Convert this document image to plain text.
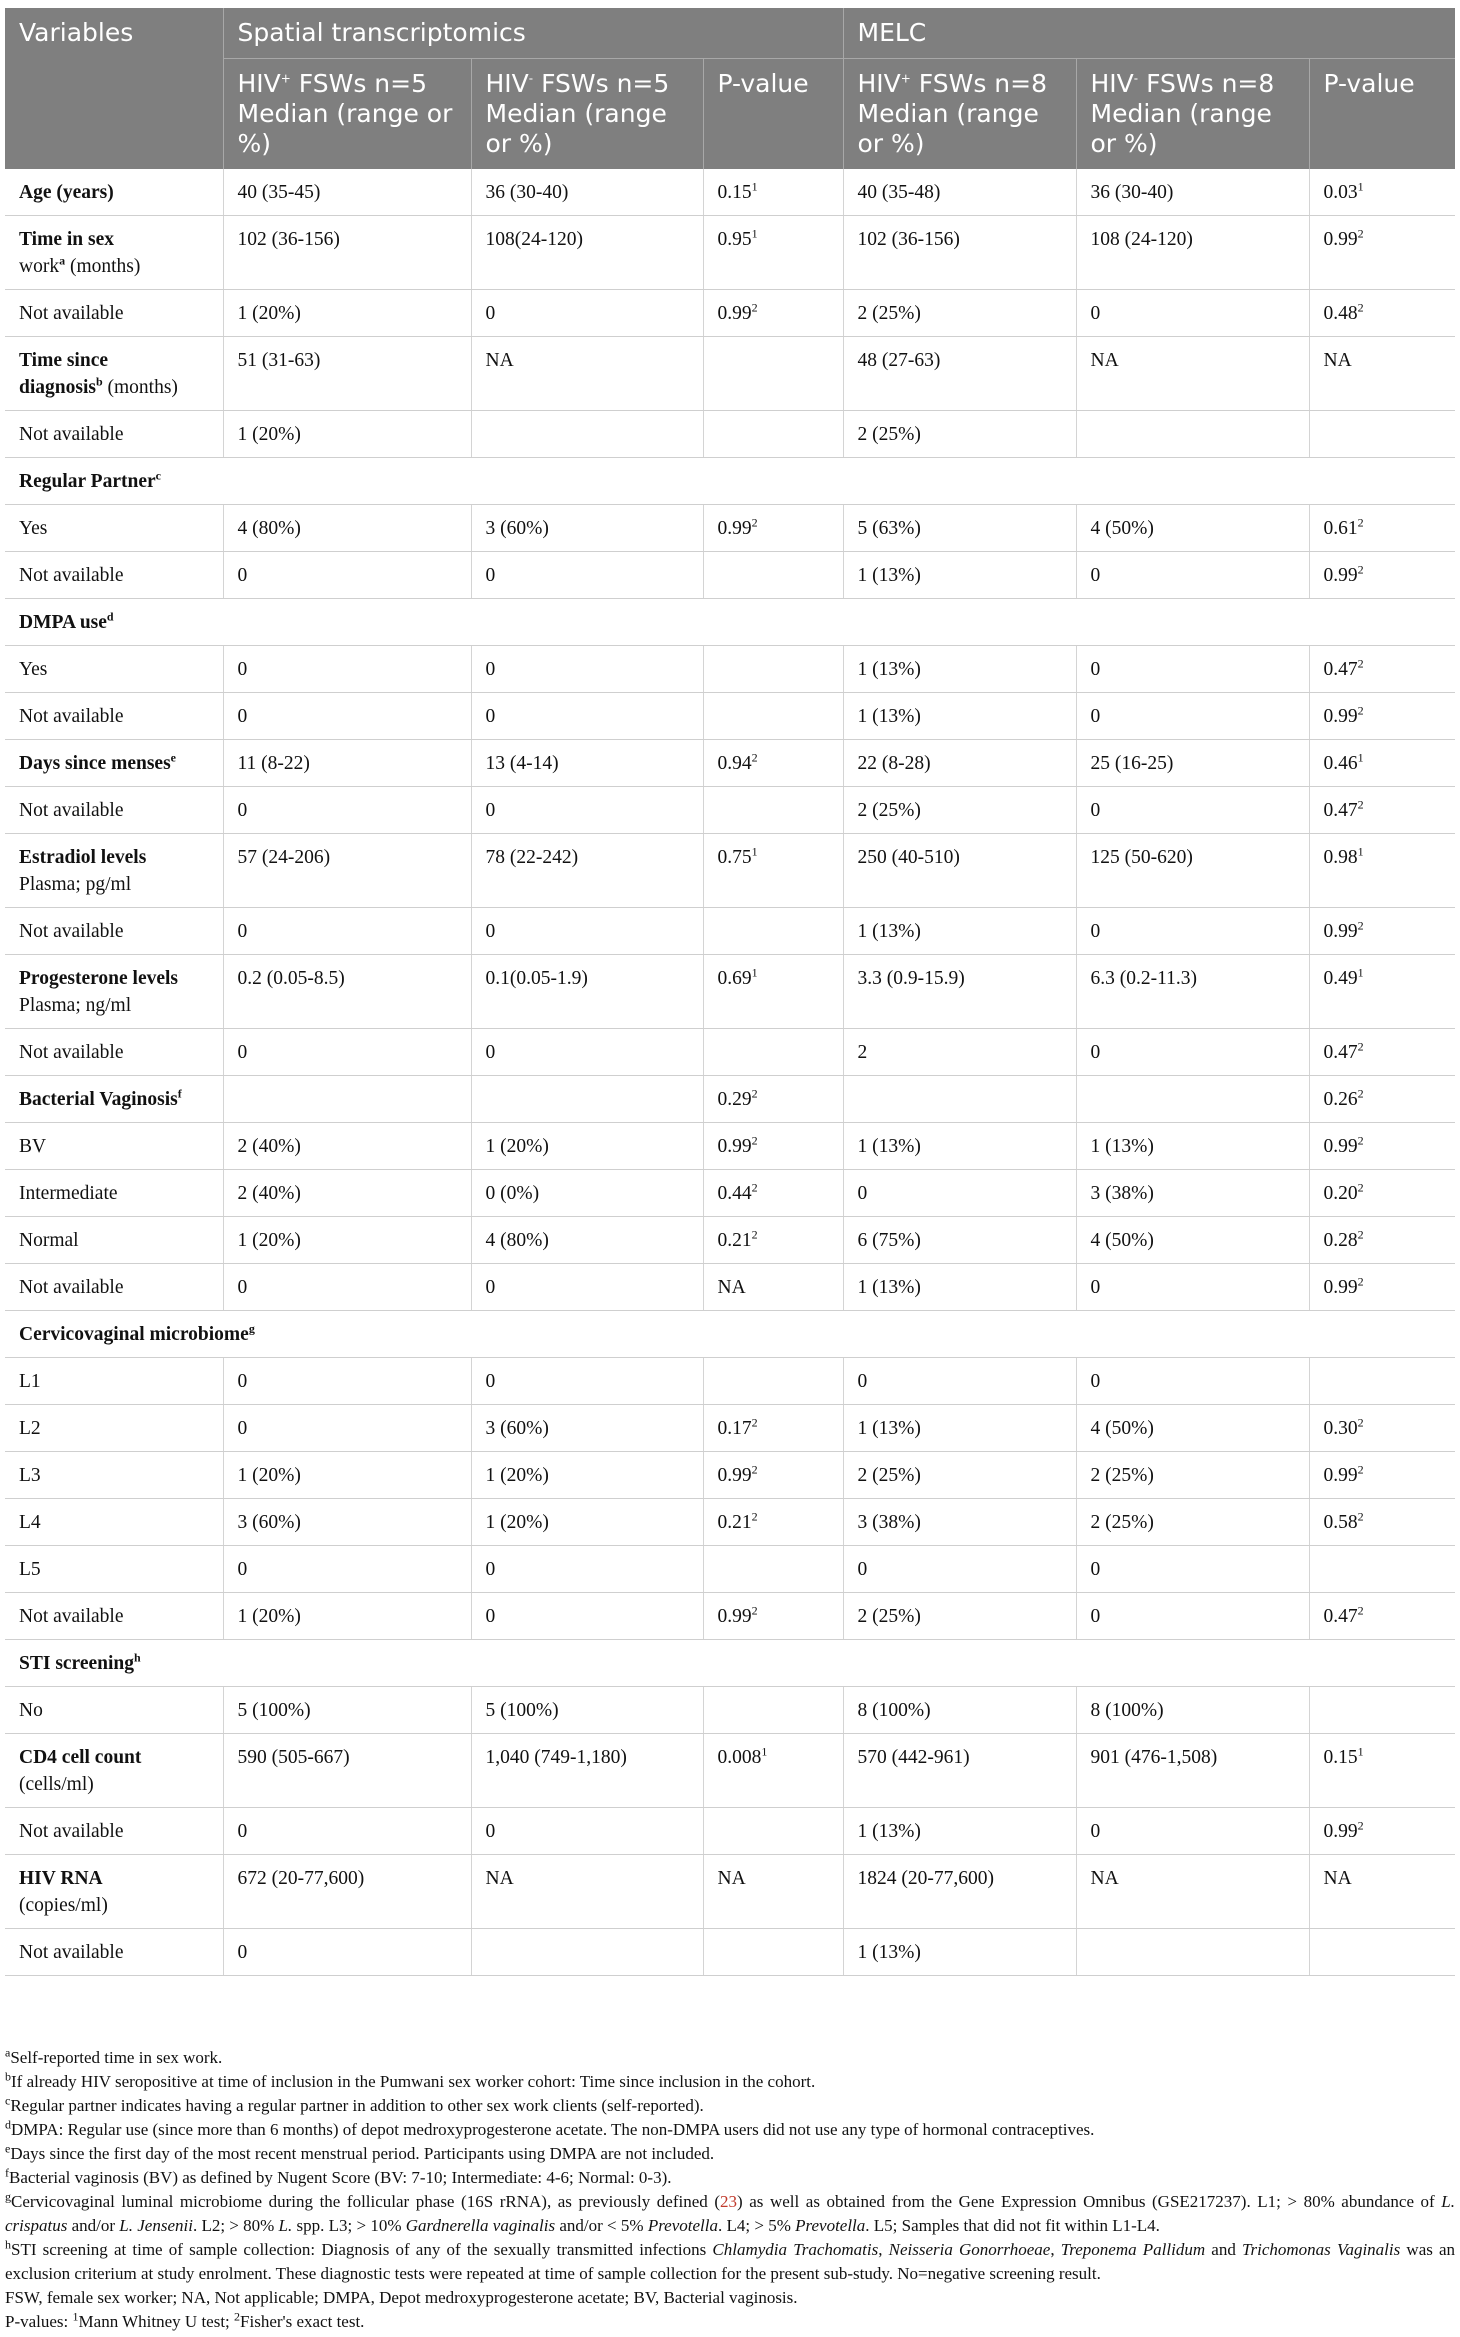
Variables	Spatial transcriptomics			MELC		
	HIV+ FSWs n=5 Median (range or %)	HIV- FSWs n=5 Median (range or %)	P-value	HIV+ FSWs n=8 Median (range or %)	HIV- FSWs n=8 Median (range or %)	P-value
Age (years)	40 (35-45)	36 (30-40)	0.15$^1$	40 (35-48)	36 (30-40)	0.03$^1$
Time in sex
work$^a$ (months)	102 (36-156)	108(24-120)	0.95$^1$	102 (36-156)	108 (24-120)	0.99$^2$
Not available	1 (20%)	0	0.99$^2$	2 (25%)	0	0.48$^2$
Time since
diagnosis$^b$ (months)	51 (31-63)	NA		48 (27-63)	NA	NA
Not available	1 (20%)			2 (25%)		
Regular Partner$^c$
Yes	4 (80%)	3 (60%)	0.99$^2$	5 (63%)	4 (50%)	0.61$^2$
Not available	0	0		1 (13%)	0	0.99$^2$
DMPA use$^d$
Yes	0	0		1 (13%)	0	0.47$^2$
Not available	0	0		1 (13%)	0	0.99$^2$
Days since menses$^e$	11 (8-22)	13 (4-14)	0.94$^2$	22 (8-28)	25 (16-25)	0.46$^1$
Not available	0	0		2 (25%)	0	0.47$^2$
Estradiol levels
Plasma; pg/ml	57 (24-206)	78 (22-242)	0.75$^1$	250 (40-510)	125 (50-620)	0.98$^1$
Not available	0	0		1 (13%)	0	0.99$^2$
Progesterone levels
Plasma; ng/ml	0.2 (0.05-8.5)	0.1(0.05-1.9)	0.69$^1$	3.3 (0.9-15.9)	6.3 (0.2-11.3)	0.49$^1$
Not available	0	0		2	0	0.47$^2$
Bacterial Vaginosis$^f$			0.29$^2$			0.26$^2$
BV	2 (40%)	1 (20%)	0.99$^2$	1 (13%)	1 (13%)	0.99$^2$
Intermediate	2 (40%)	0 (0%)	0.44$^2$	0	3 (38%)	0.20$^2$
Normal	1 (20%)	4 (80%)	0.21$^2$	6 (75%)	4 (50%)	0.28$^2$
Not available	0	0	NA	1 (13%)	0	0.99$^2$
Cervicovaginal microbiome$^g$
L1	0	0		0	0	
L2	0	3 (60%)	0.17$^2$	1 (13%)	4 (50%)	0.30$^2$
L3	1 (20%)	1 (20%)	0.99$^2$	2 (25%)	2 (25%)	0.99$^2$
L4	3 (60%)	1 (20%)	0.21$^2$	3 (38%)	2 (25%)	0.58$^2$
L5	0	0		0	0	
Not available	1 (20%)	0	0.99$^2$	2 (25%)	0	0.47$^2$
STI screening$^h$
No	5 (100%)	5 (100%)		8 (100%)	8 (100%)	
CD4 cell count
(cells/ml)	590 (505-667)	1,040 (749-1,180)	0.008$^1$	570 (442-961)	901 (476-1,508)	0.15$^1$
Not available	0	0		1 (13%)	0	0.99$^2$
HIV RNA
(copies/ml)	672 (20-77,600)	NA	NA	1824 (20-77,600)	NA	NA
Not available	0			1 (13%)		
$^a$Self-reported time in sex work.
$^b$If already HIV seropositive at time of inclusion in the Pumwani sex worker cohort: Time since inclusion in the cohort.
$^c$Regular partner indicates having a regular partner in addition to other sex work clients (self-reported).
$^d$DMPA: Regular use (since more than 6 months) of depot medroxyprogesterone acetate. The non-DMPA users did not use any type of hormonal contraceptives.
$^e$Days since the first day of the most recent menstrual period. Participants using DMPA are not included.
$^f$Bacterial vaginosis (BV) as defined by Nugent Score (BV: 7-10; Intermediate: 4-6; Normal: 0-3).
$^g$Cervicovaginal luminal microbiome during the follicular phase (16S rRNA), as previously defined (23) as well as obtained from the Gene Expression Omnibus (GSE217237). L1; > 80% abundance of L. crispatus and/or L. Jensenii. L2; > 80% L. spp. L3; > 10% Gardnerella vaginalis and/or < 5% Prevotella. L4; > 5% Prevotella. L5; Samples that did not fit within L1-L4.
$^h$STI screening at time of sample collection: Diagnosis of any of the sexually transmitted infections Chlamydia Trachomatis, Neisseria Gonorrhoeae, Treponema Pallidum and Trichomonas Vaginalis was an exclusion criterium at study enrolment. These diagnostic tests were repeated at time of sample collection for the present sub-study. No=negative screening result.
FSW, female sex worker; NA, Not applicable; DMPA, Depot medroxyprogesterone acetate; BV, Bacterial vaginosis.
P-values: $^1$Mann Whitney U test; $^2$Fisher's exact test.
